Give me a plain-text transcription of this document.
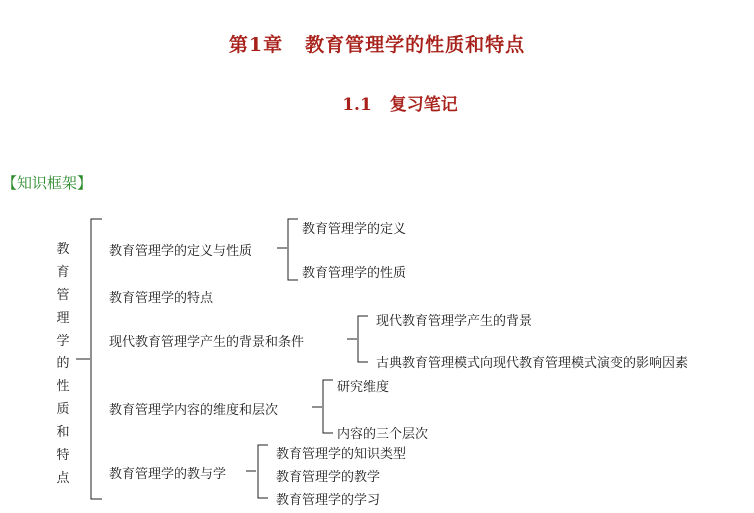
第1章 教育管理学的性质和特点
1.1 复习笔记
【知识框架】
教
育
管
理
学
的
性
质
和
特
点
教育管理学的定义与性质
教育管理学的特点
现代教育管理学产生的背景和条件
教育管理学内容的维度和层次
教育管理学的教与学
教育管理学的定义
教育管理学的性质
现代教育管理学产生的背景
古典教育管理模式向现代教育管理模式演变的影响因素
研究维度
内容的三个层次
教育管理学的知识类型
教育管理学的教学
教育管理学的学习
